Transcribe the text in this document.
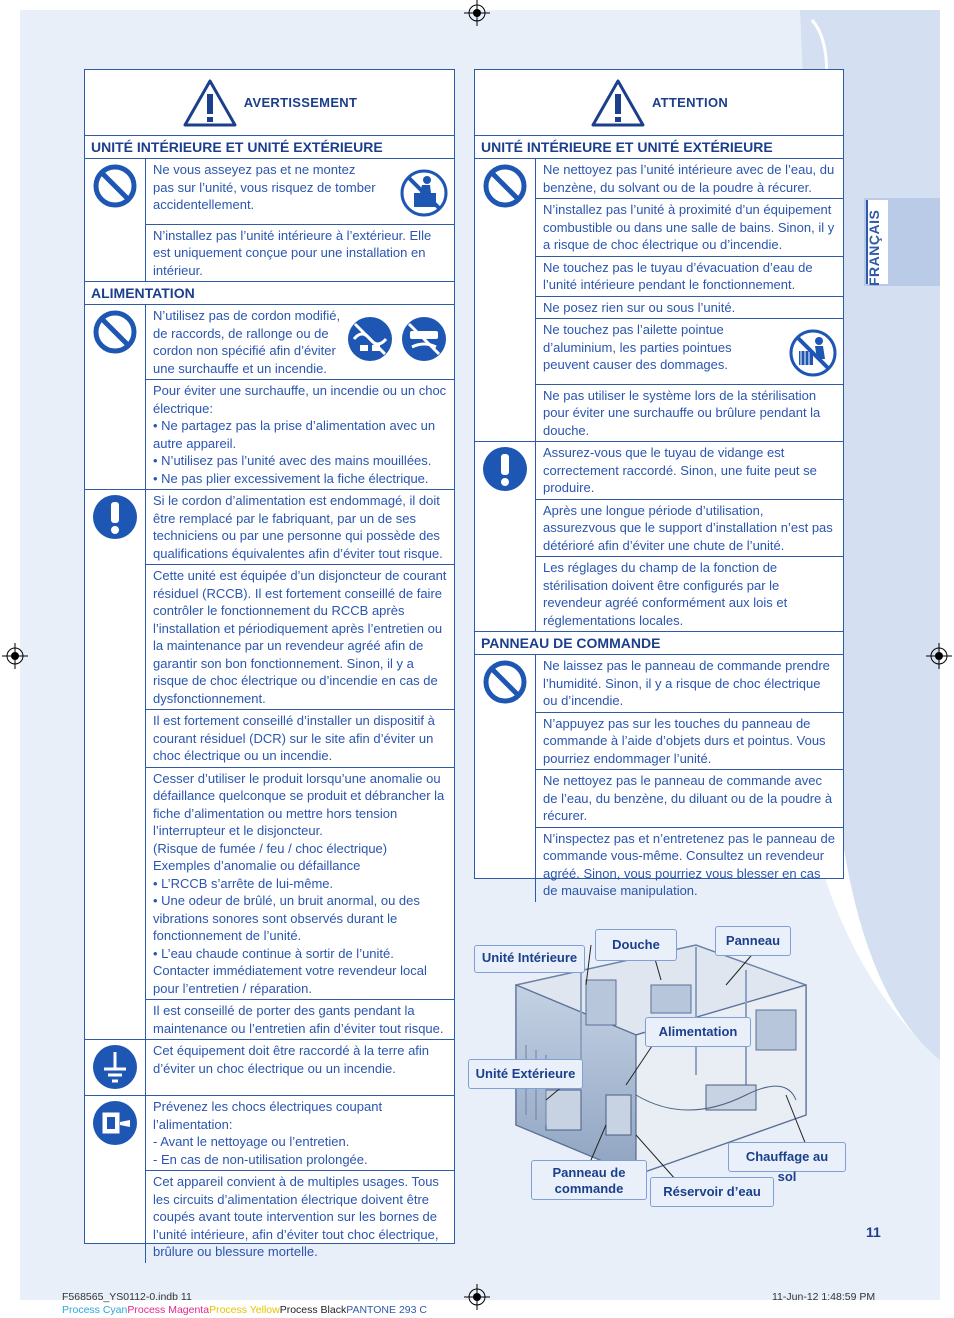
AVERTISSEMENT
UNITÉ INTÉRIEURE ET UNITÉ EXTÉRIEURE
Ne vous asseyez pas et ne montez
pas sur l’unité, vous risquez de tomber
accidentellement.
N’installez pas l’unité intérieure à l’extérieur. Elle est uniquement conçue pour une installation en intérieur.
ALIMENTATION
N’utilisez pas de cordon modifié,
de raccords, de rallonge ou de
cordon non spécifié afin d’éviter
une surchauffe et un incendie.
Pour éviter une surchauffe, un incendie ou un choc électrique:
• Ne partagez pas la prise d’alimentation avec un autre appareil.
• N’utilisez pas l’unité avec des mains mouillées.
• Ne pas plier excessivement la fiche électrique.
Si le cordon d’alimentation est endommagé, il doit être remplacé par le fabriquant, par un de ses techniciens ou par une personne qui possède des qualifications équivalentes afin d’éviter tout risque.
Cette unité est équipée d’un disjoncteur de courant résiduel (RCCB). Il est fortement conseillé de faire contrôler le fonctionnement du RCCB après l’installation et périodiquement après l’entretien ou la maintenance par un revendeur agréé afin de garantir son bon fonctionnement. Sinon, il y a risque de choc électrique ou d’incendie en cas de dysfonctionnement.
Il est fortement conseillé d’installer un dispositif à courant résiduel (DCR) sur le site afin d’éviter un choc électrique ou un incendie.
Cesser d’utiliser le produit lorsqu’une anomalie ou défaillance quelconque se produit et débrancher la fiche d’alimentation ou mettre hors tension l’interrupteur et le disjoncteur.
(Risque de fumée / feu / choc électrique)
Exemples d’anomalie ou défaillance
• L’RCCB s’arrête de lui-même.
• Une odeur de brûlé, un bruit anormal, ou des vibrations sonores sont observés durant le fonctionnement de l’unité.
• L’eau chaude continue à sortir de l’unité.
Contacter immédiatement votre revendeur local pour l’entretien / réparation.
Il est conseillé de porter des gants pendant la maintenance ou l’entretien afin d’éviter tout risque.
Cet équipement doit être raccordé à la terre afin d’éviter un choc électrique ou un incendie.
Prévenez les chocs électriques coupant l’alimentation:
- Avant le nettoyage ou l’entretien.
- En cas de non-utilisation prolongée.
Cet appareil convient à de multiples usages. Tous les circuits d’alimentation électrique doivent être coupés avant toute intervention sur les bornes de l’unité intérieure, afin d’éviter tout choc électrique, brûlure ou blessure mortelle.
ATTENTION
UNITÉ INTÉRIEURE ET UNITÉ EXTÉRIEURE
Ne nettoyez pas l’unité intérieure avec de l’eau, du benzène, du solvant ou de la poudre à récurer.
N’installez pas l’unité à proximité d’un équipement combustible ou dans une salle de bains. Sinon, il y a risque de choc électrique ou d’incendie.
Ne touchez pas le tuyau d’évacuation d’eau de l’unité intérieure pendant le fonctionnement.
Ne posez rien sur ou sous l’unité.
Ne touchez pas l’ailette pointue
d’aluminium, les parties pointues
peuvent causer des dommages.
Ne pas utiliser le système lors de la stérilisation pour éviter une surchauffe ou brûlure pendant la douche.
Assurez-vous que le tuyau de vidange est correctement raccordé. Sinon, une fuite peut se produire.
Après une longue période d’utilisation, assurezvous que le support d’installation n’est pas détérioré afin d’éviter une chute de l’unité.
Les réglages du champ de la fonction de stérilisation doivent être configurés par le revendeur agréé conformément aux lois et réglementations locales.
PANNEAU DE COMMANDE
Ne laissez pas le panneau de commande prendre l’humidité. Sinon, il y a risque de choc électrique ou d’incendie.
N’appuyez pas sur les touches du panneau de commande à l’aide d’objets durs et pointus. Vous pourriez endommager l’unité.
Ne nettoyez pas le panneau de commande avec de l’eau, du benzène, du diluant ou de la poudre à récurer.
N’inspectez pas et n’entretenez pas le panneau de commande vous-même. Consultez un revendeur agréé. Sinon, vous pourriez vous blesser en cas de mauvaise manipulation.
FRANÇAIS
Unité Intérieure
Douche	Panneau
Alimentation
Unité Extérieure
Chauffage au sol
Panneau de
commande	Réservoir d’eau
11
F568565_YS0112-0.indb 11	11-Jun-12 1:48:59 PM
Process CyanProcess MagentaProcess YellowProcess BlackPANTONE 293 C
